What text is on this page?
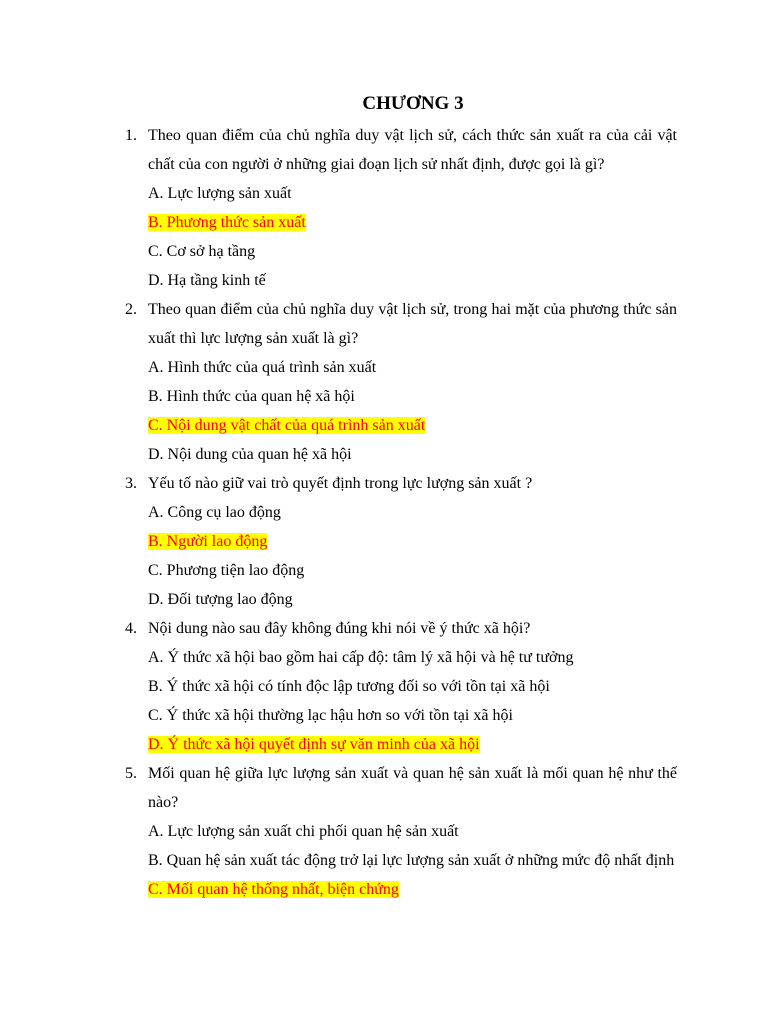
CHƯƠNG 3
1. Theo quan điểm của chủ nghĩa duy vật lịch sử, cách thức sản xuất ra của cải vật chất của con người ở những giai đoạn lịch sử nhất định, được gọi là gì?
A. Lực lượng sản xuất
B. Phương thức sản xuất
C. Cơ sở hạ tầng
D. Hạ tầng kinh tế
2. Theo quan điểm của chủ nghĩa duy vật lịch sử, trong hai mặt của phương thức sản xuất thì lực lượng sản xuất là gì?
A. Hình thức của quá trình sản xuất
B. Hình thức của quan hệ xã hội
C. Nội dung vật chất của quá trình sản xuất
D. Nội dung của quan hệ xã hội
3. Yếu tố nào giữ vai trò quyết định trong lực lượng sản xuất ?
A. Công cụ lao động
B. Người lao động
C. Phương tiện lao động
D. Đối tượng lao động
4. Nội dung nào sau đây không đúng khi nói về ý thức xã hội?
A. Ý thức xã hội bao gồm hai cấp độ: tâm lý xã hội và hệ tư tưởng
B. Ý thức xã hội có tính độc lập tương đối so với tồn tại xã hội
C. Ý thức xã hội thường lạc hậu hơn so với tồn tại xã hội
D. Ý thức xã hội quyết định sự văn minh của xã hội
5. Mối quan hệ giữa lực lượng sản xuất và quan hệ sản xuất là mối quan hệ như thế nào?
A. Lực lượng sản xuất chi phối quan hệ sản xuất
B. Quan hệ sản xuất tác động trở lại lực lượng sản xuất ở những mức độ nhất định
C. Mối quan hệ thống nhất, biện chứng
